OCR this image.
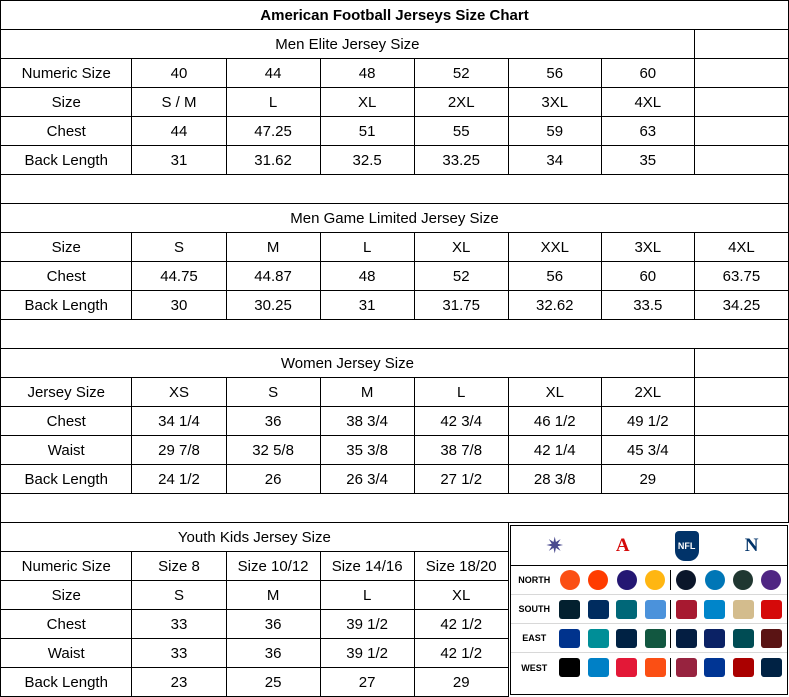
American Football Jerseys Size Chart							
Men Elite Jersey Size							
Numeric Size	40	44	48	52	56	60	
Size	S / M	L	XL	2XL	3XL	4XL	
Chest	44	47.25	51	55	59	63	
Back Length	31	31.62	32.5	33.25	34	35	

Men Game Limited Jersey Size							
Size	S	M	L	XL	XXL	3XL	4XL
Chest	44.75	44.87	48	52	56	60	63.75
Back Length	30	30.25	31	31.75	32.62	33.5	34.25

Women Jersey Size							
Jersey Size	XS	S	M	L	XL	2XL	
Chest	34 1/4	36	38 3/4	42 3/4	46 1/2	49 1/2	
Waist	29 7/8	32 5/8	35 3/8	38 7/8	42 1/4	45 3/4	
Back Length	24 1/2	26	26 3/4	27 1/2	28 3/8	29	

Youth Kids Jersey Size	✷	A	NFL	N
NORTH
SOUTH
EAST
WEST

Numeric Size	Size 8	Size 10/12	Size 14/16	Size 18/20			
Size	S	M	L	XL			
Chest	33	36	39 1/2	42 1/2			
Waist	33	36	39 1/2	42 1/2			
Back Length	23	25	27	29			
